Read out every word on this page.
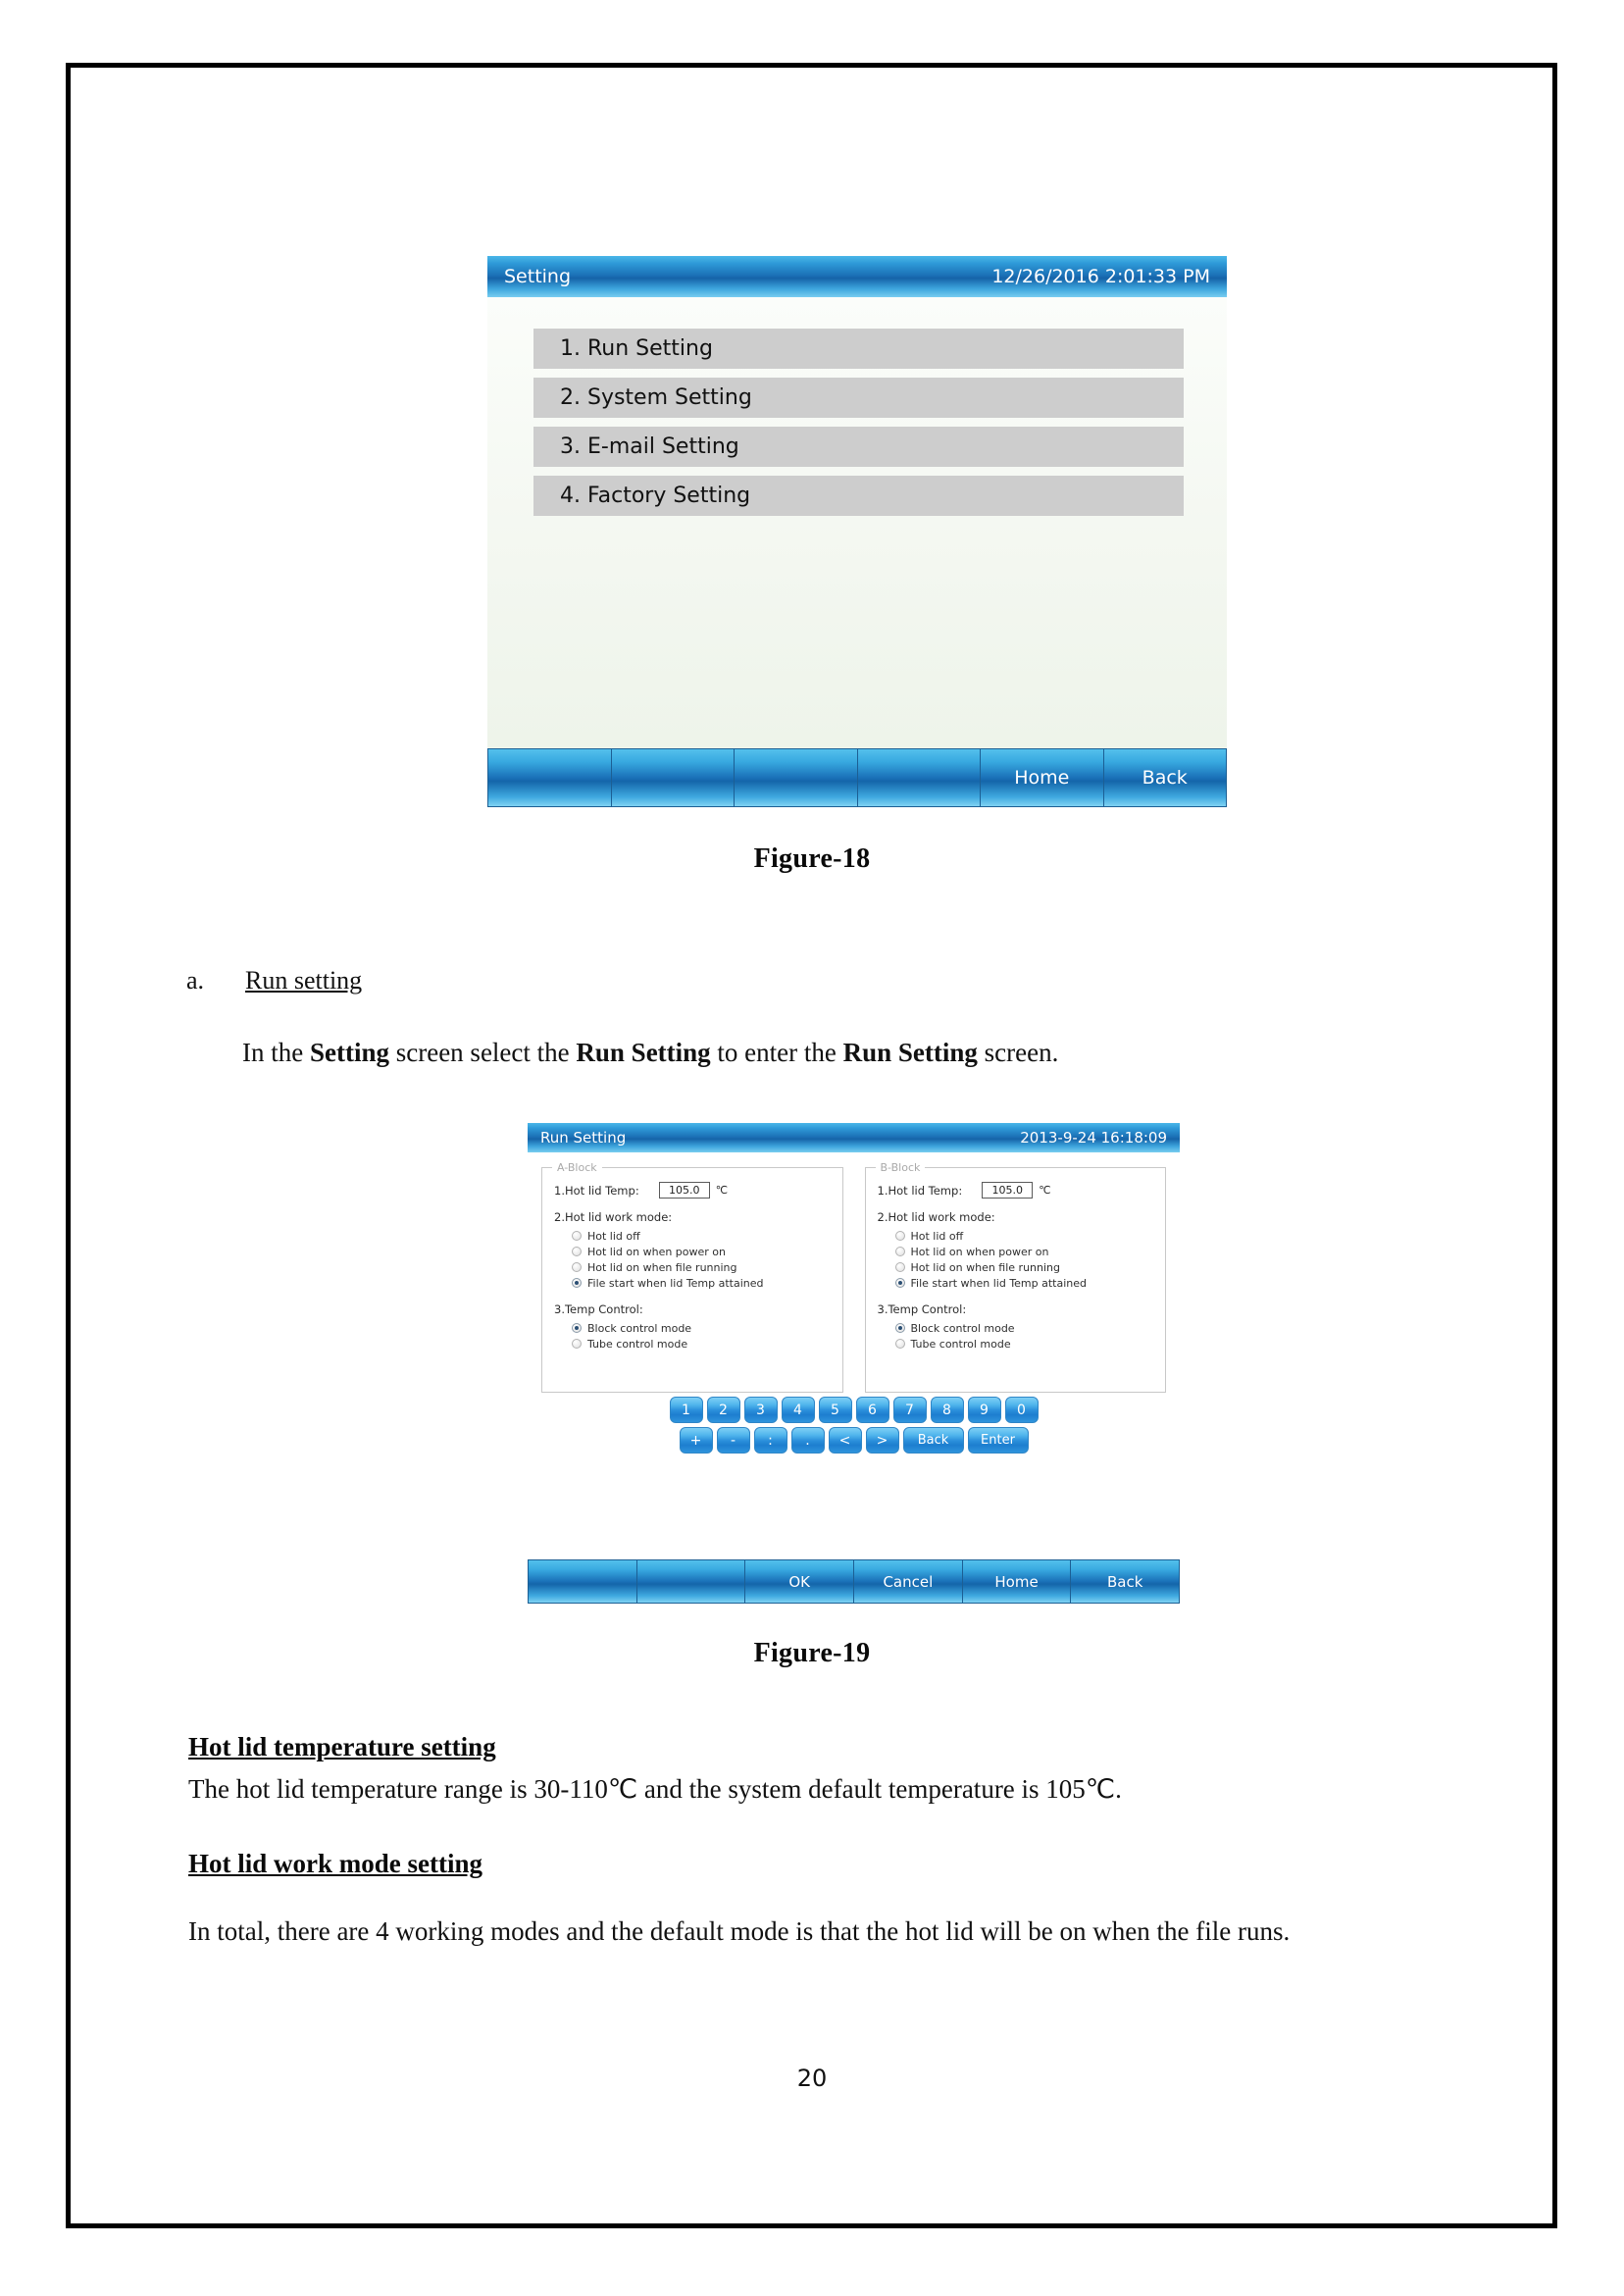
Setting	12/26/2016 2:01:33 PM
1. Run Setting
2. System Setting
3. E-mail Setting
4. Factory Setting
Home	Back
Figure-18
a. Run setting
In the Setting screen select the Run Setting to enter the Run Setting screen.
Run Setting	2013-9-24 16:18:09
A-Block
1.Hot lid Temp:	105.0	℃
2.Hot lid work mode:
Hot lid off
Hot lid on when power on
Hot lid on when file running
File start when lid Temp attained
3.Temp Control:
Block control mode
Tube control mode
B-Block
1.Hot lid Temp:	105.0	℃
2.Hot lid work mode:
Hot lid off
Hot lid on when power on
Hot lid on when file running
File start when lid Temp attained
3.Temp Control:
Block control mode
Tube control mode
1	2	3	4	5	6	7	8	9	0
+	-	:	.	<	>	Back	Enter
OK	Cancel	Home	Back
Figure-19
Hot lid temperature setting
The hot lid temperature range is 30-110℃ and the system default temperature is 105℃.
Hot lid work mode setting
In total, there are 4 working modes and the default mode is that the hot lid will be on when the file runs.
20
